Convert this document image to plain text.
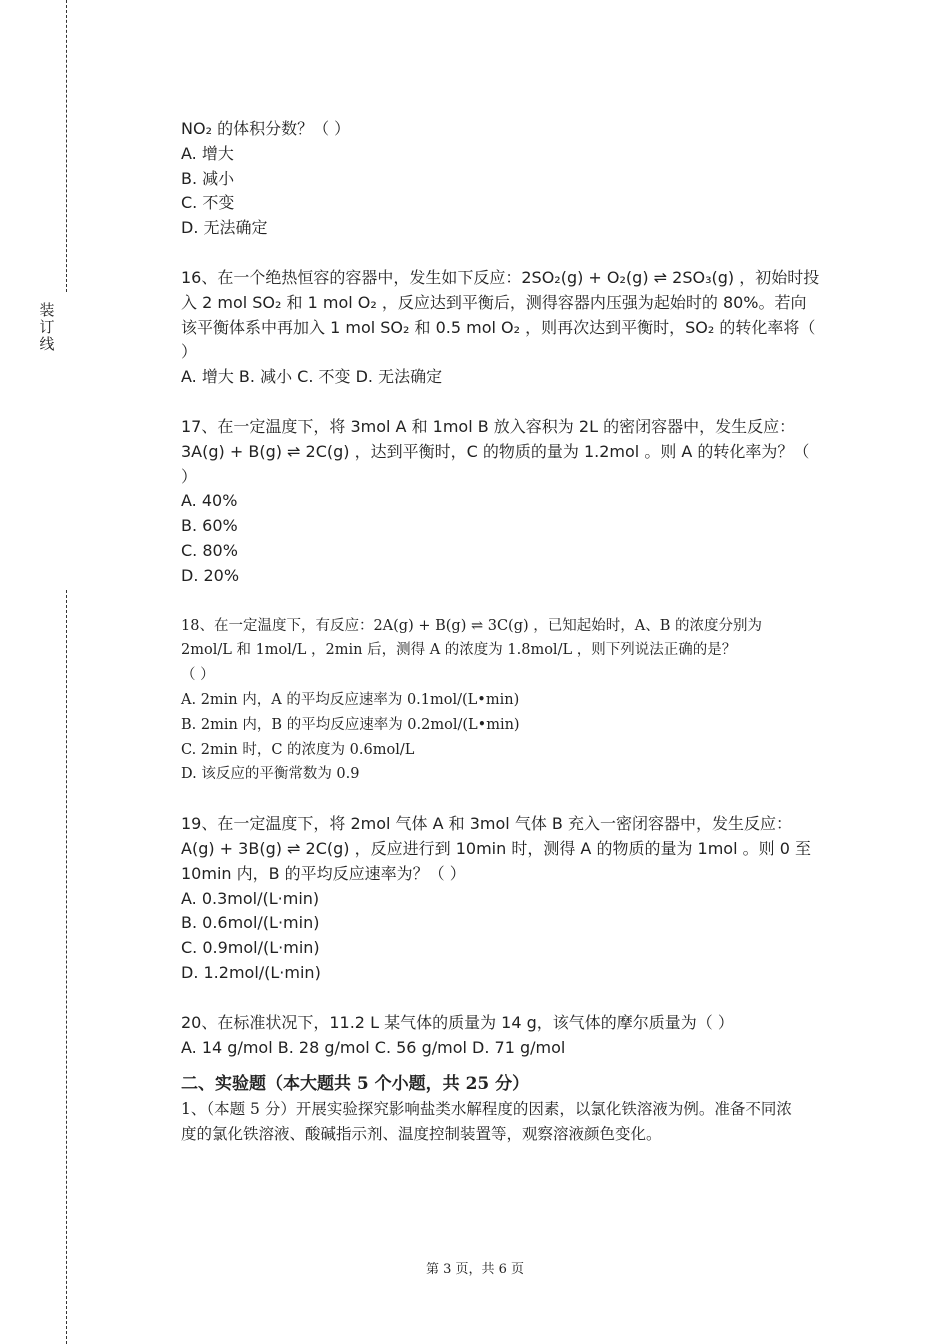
装
订
线

NO₂ 的体积分数？（ ）

A. 增大

B. 减小

C. 不变

D. 无法确定

16、在一个绝热恒容的容器中，发生如下反应：2SO₂(g) + O₂(g) ⇌ 2SO₃(g) ，初始时投

入 2 mol SO₂ 和 1 mol O₂ ，反应达到平衡后，测得容器内压强为起始时的 80%。若向

该平衡体系中再加入 1 mol SO₂ 和 0.5 mol O₂ ，则再次达到平衡时，SO₂ 的转化率将（

）

A. 增大 B. 减小 C. 不变 D. 无法确定

17、在一定温度下，将 3mol A 和 1mol B 放入容积为 2L 的密闭容器中，发生反应：

3A(g) + B(g) ⇌ 2C(g) ，达到平衡时，C 的物质的量为 1.2mol 。则 A 的转化率为？（

）

A. 40%

B. 60%

C. 80%

D. 20%

18、在一定温度下，有反应：2A(g) + B(g) ⇌ 3C(g) ，已知起始时，A、B 的浓度分别为

2mol/L 和 1mol/L ，2min 后，测得 A 的浓度为 1.8mol/L ，则下列说法正确的是？

（ ）

A. 2min 内，A 的平均反应速率为 0.1mol/(L•min)

B. 2min 内，B 的平均反应速率为 0.2mol/(L•min)

C. 2min 时，C 的浓度为 0.6mol/L

D. 该反应的平衡常数为 0.9

19、在一定温度下，将 2mol 气体 A 和 3mol 气体 B 充入一密闭容器中，发生反应：

A(g) + 3B(g) ⇌ 2C(g) ，反应进行到 10min 时，测得 A 的物质的量为 1mol 。则 0 至

10min 内，B 的平均反应速率为？（ ）

A. 0.3mol/(L·min)

B. 0.6mol/(L·min)

C. 0.9mol/(L·min)

D. 1.2mol/(L·min)

20、在标准状况下，11.2 L 某气体的质量为 14 g，该气体的摩尔质量为（ ）

A. 14 g/mol B. 28 g/mol C. 56 g/mol D. 71 g/mol

二、实验题（本大题共 5 个小题，共 25 分）
1、（本题 5 分）开展实验探究影响盐类水解程度的因素，以氯化铁溶液为例。准备不同浓
度的氯化铁溶液、酸碱指示剂、温度控制装置等，观察溶液颜色变化。
第 3 页，共 6 页
